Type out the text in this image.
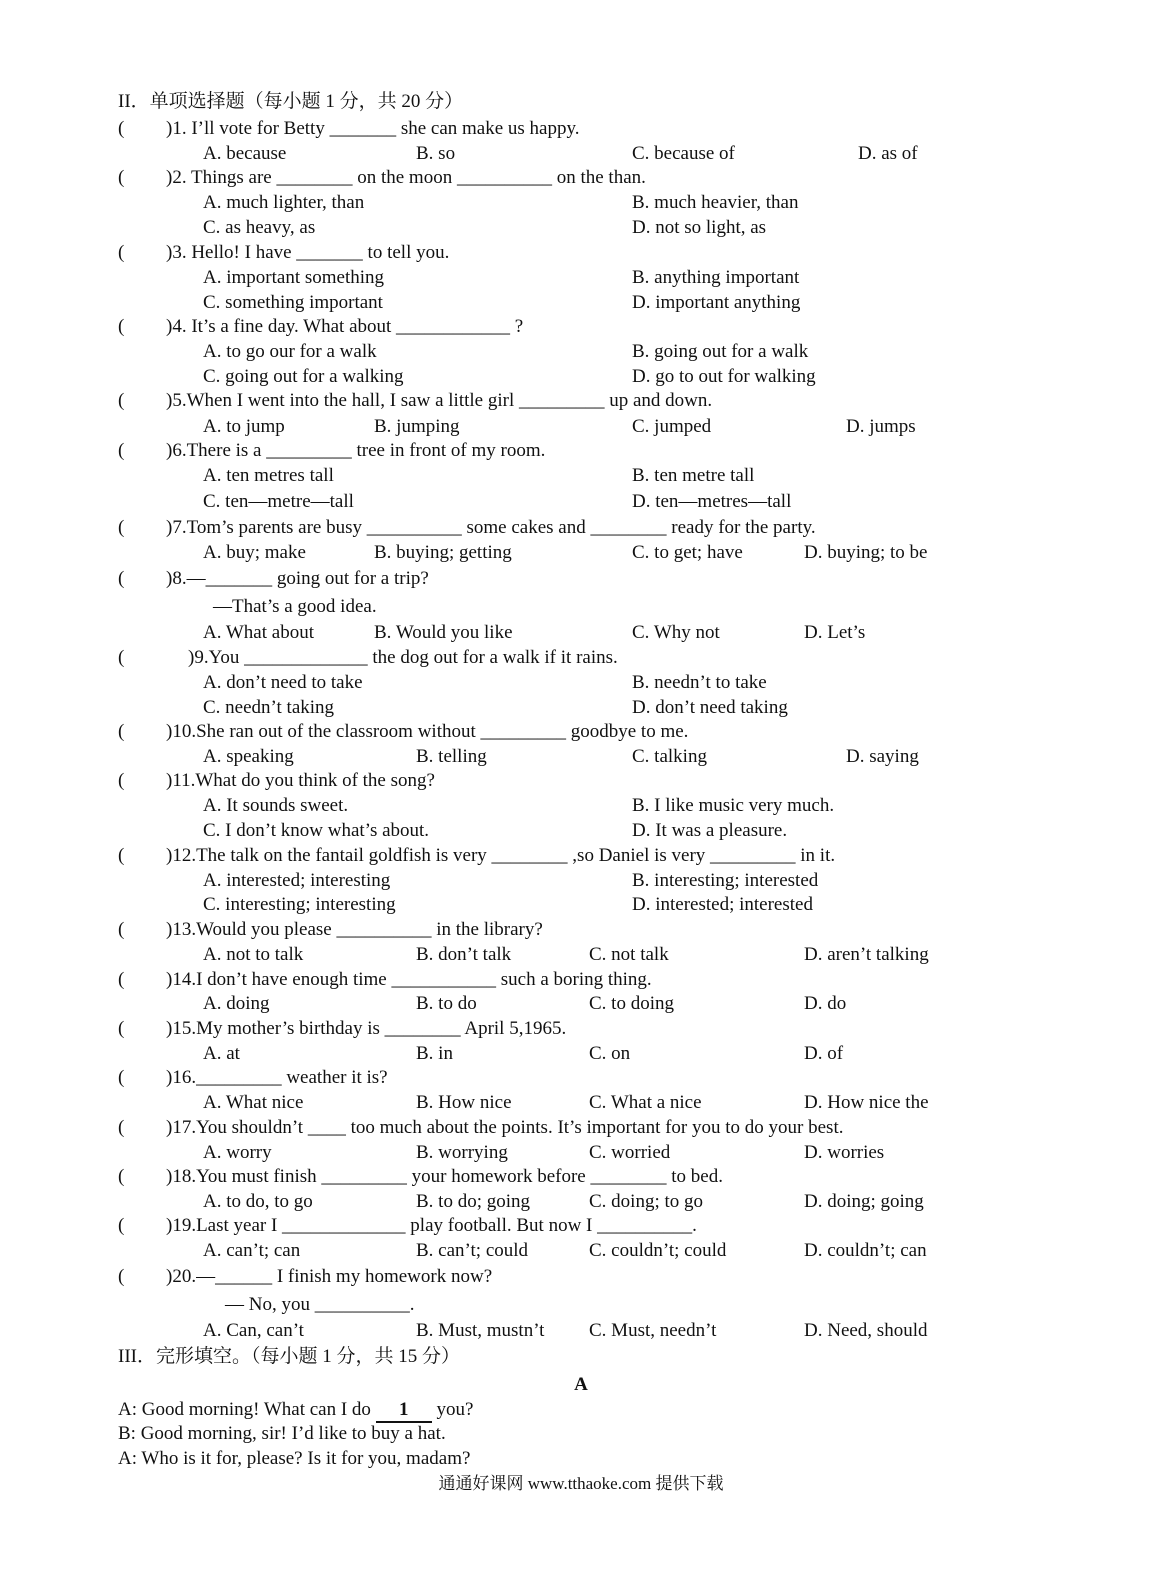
II．单项选择题（每小题 1 分，共 20 分）
( )1. I’ll vote for Betty _______ she can make us happy.
A. because	B. so	C. because of	D. as of
( )2. Things are ________ on the moon __________ on the than.
A. much lighter, than	B. much heavier, than
C. as heavy, as	D. not so light, as
( )3. Hello! I have _______ to tell you.
A. important something	B. anything important
C. something important	D. important anything
( )4. It’s a fine day. What about ____________ ?
A. to go our for a walk	B. going out for a walk
C. going out for a walking	D. go to out for walking
( )5.When I went into the hall, I saw a little girl _________ up and down.
A. to jump	B. jumping	C. jumped	D. jumps
( )6.There is a _________ tree in front of my room.
A. ten metres tall	B. ten metre tall
C. ten—metre—tall	D. ten—metres—tall
( )7.Tom’s parents are busy __________ some cakes and ________ ready for the party.
A. buy; make	B. buying; getting	C. to get; have	D. buying; to be
( )8.—_______ going out for a trip?
—That’s a good idea.
A. What about	B. Would you like	C. Why not	D. Let’s
(	)9.You _____________ the dog out for a walk if it rains.
A. don’t need to take	B. needn’t to take
C. needn’t taking	D. don’t need taking
( )10.She ran out of the classroom without _________ goodbye to me.
A. speaking	B. telling	C. talking	D. saying
( )11.What do you think of the song?
A. It sounds sweet.	B. I like music very much.
C. I don’t know what’s about.	D. It was a pleasure.
( )12.The talk on the fantail goldfish is very ________ ,so Daniel is very _________ in it.
A. interested; interesting	B. interesting; interested
C. interesting; interesting	D. interested; interested
( )13.Would you please __________ in the library?
A. not to talk	B. don’t talk	C. not talk	D. aren’t talking
( )14.I don’t have enough time ___________ such a boring thing.
A. doing	B. to do	C. to doing	D. do
( )15.My mother’s birthday is ________ April 5,1965.
A. at	B. in	C. on	D. of
( )16._________ weather it is?
A. What nice	B. How nice	C. What a nice	D. How nice the
( )17.You shouldn’t ____ too much about the points. It’s important for you to do your best.
A. worry	B. worrying	C. worried	D. worries
( )18.You must finish _________ your homework before ________ to bed.
A. to do, to go	B. to do; going	C. doing; to go	D. doing; going
( )19.Last year I _____________ play football. But now I __________.
A. can’t; can	B. can’t; could	C. couldn’t; could	D. couldn’t; can
( )20.—______ I finish my homework now?
— No, you __________.
A. Can, can’t	B. Must, mustn’t C. Must, needn’t	D. Need, should
III．完形填空。（每小题 1 分，共 15 分）
A
A: Good morning! What can I do 1 you?
B: Good morning, sir! I’d like to buy a hat.
A: Who is it for, please? Is it for you, madam?
通通好课网 www.tthaoke.com 提供下载
